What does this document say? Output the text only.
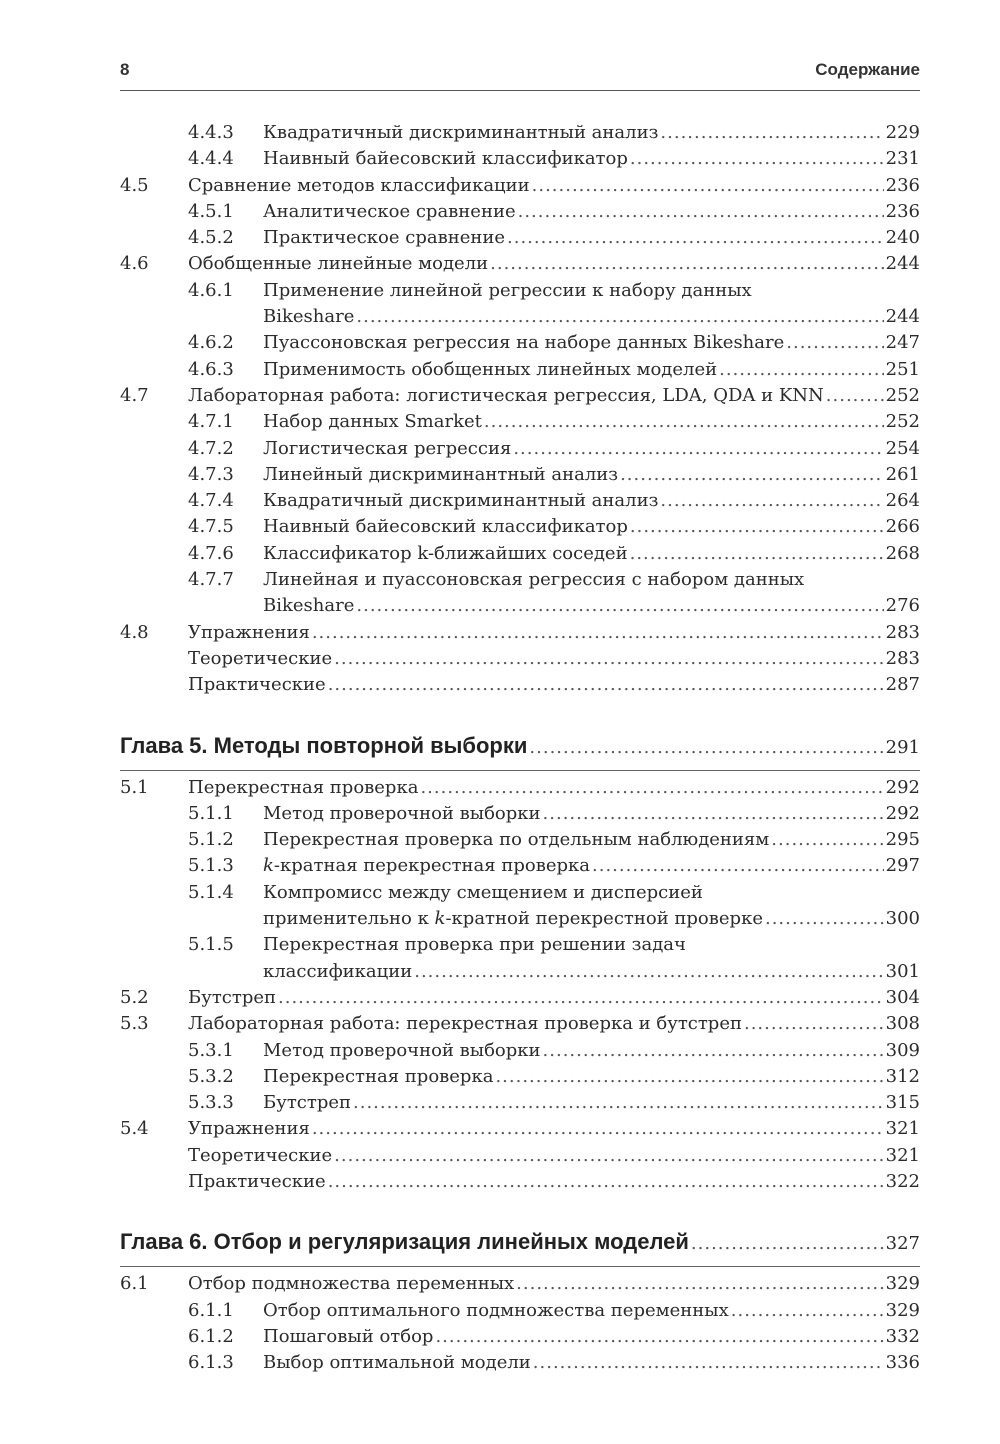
8	Содержание
4.4.3 Квадратичный дискриминантный анализ .....	229
4.4.4 Наивный байесовский классификатор .....	231
4.5 Сравнение методов классификации .....	236
4.5.1 Аналитическое сравнение .....	236
4.5.2 Практическое сравнение .....	240
4.6 Обобщенные линейные модели .....	244
4.6.1 Применение линейной регрессии к набору данных
Bikeshare .....	244
4.6.2 Пуассоновская регрессия на наборе данных Bikeshare .....	247
4.6.3 Применимость обобщенных линейных моделей .....	251
4.7 Лабораторная работа: логистическая регрессия, LDA, QDA и KNN .....	252
4.7.1 Набор данных Smarket .....	252
4.7.2 Логистическая регрессия .....	254
4.7.3 Линейный дискриминантный анализ .....	261
4.7.4 Квадратичный дискриминантный анализ .....	264
4.7.5 Наивный байесовский классификатор .....	266
4.7.6 Классификатор k-ближайших соседей .....	268
4.7.7 Линейная и пуассоновская регрессия с набором данных
Bikeshare .....	276
4.8 Упражнения .....	283
Теоретические .....	283
Практические .....	287
Глава 5. Методы повторной выборки .....	291
5.1 Перекрестная проверка .....	292
5.1.1 Метод проверочной выборки .....	292
5.1.2 Перекрестная проверка по отдельным наблюдениям .....	295
5.1.3 k-кратная перекрестная проверка .....	297
5.1.4 Компромисс между смещением и дисперсией
применительно к k-кратной перекрестной проверке .....	300
5.1.5 Перекрестная проверка при решении задач
классификации .....	301
5.2 Бутстреп .....	304
5.3 Лабораторная работа: перекрестная проверка и бутстреп .....	308
5.3.1 Метод проверочной выборки .....	309
5.3.2 Перекрестная проверка .....	312
5.3.3 Бутстреп .....	315
5.4 Упражнения .....	321
Теоретические .....	321
Практические .....	322
Глава 6. Отбор и регуляризация линейных моделей .....	327
6.1 Отбор подмножества переменных .....	329
6.1.1 Отбор оптимального подмножества переменных .....	329
6.1.2 Пошаговый отбор .....	332
6.1.3 Выбор оптимальной модели .....	336
